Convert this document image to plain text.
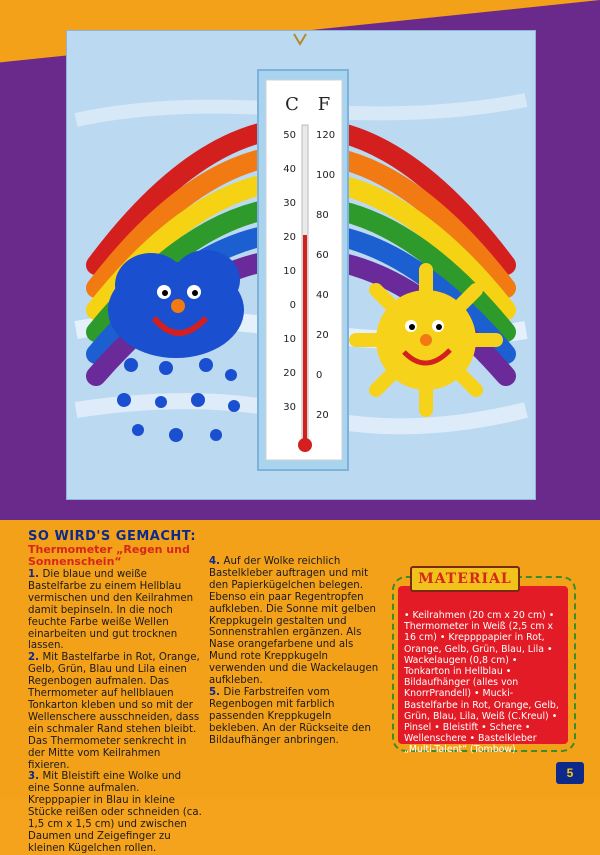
C F
50
40
30
20
10
0
10
20
30
120
100
80
60
40
20
0
20
SO WIRD'S GEMACHT:
Thermometer „Regen und Sonnenschein“

1. Die blaue und weiße Bastelfarbe zu einem Hellblau vermischen und den Keilrahmen damit bepinseln. In die noch feuchte Farbe weiße Wellen einarbeiten und gut trocknen lassen.

2. Mit Bastelfarbe in Rot, Orange, Gelb, Grün, Blau und Lila einen Regenbogen aufmalen. Das Thermometer auf hellblauen Tonkarton kleben und so mit der Wellenschere ausschneiden, dass ein schmaler Rand stehen bleibt. Das Thermometer senkrecht in der Mitte vom Keilrahmen fixieren.

3. Mit Bleistift eine Wolke und eine Sonne aufmalen. Krepppapier in Blau in kleine Stücke reißen oder schneiden (ca. 1,5 cm x 1,5 cm) und zwischen Daumen und Zeigefinger zu kleinen Kügelchen rollen.

4. Auf der Wolke reichlich Bastelkleber auftragen und mit den Papierkügelchen belegen. Ebenso ein paar Regentropfen aufkleben. Die Sonne mit gelben Kreppkugeln gestalten und Sonnenstrahlen ergänzen. Als Nase orangefarbene und als Mund rote Kreppkugeln verwenden und die Wackelaugen aufkleben.

5. Die Farbstreifen vom Regenbogen mit farblich passenden Kreppkugeln bekleben. An der Rückseite den Bildaufhänger anbringen.

MATERIAL
• Keilrahmen (20 cm x 20 cm) • Thermometer in Weiß (2,5 cm x 16 cm) • Kreppppapier in Rot, Orange, Gelb, Grün, Blau, Lila • Wackelaugen (0,8 cm) • Tonkarton in Hellblau • Bildaufhänger (alles von KnorrPrandell) • Mucki-Bastelfarbe in Rot, Orange, Gelb, Grün, Blau, Lila, Weiß (C.Kreul) • Pinsel • Bleistift • Schere • Wellenschere • Bastelkleber „Multi-Talent“ (Tombow)
5
